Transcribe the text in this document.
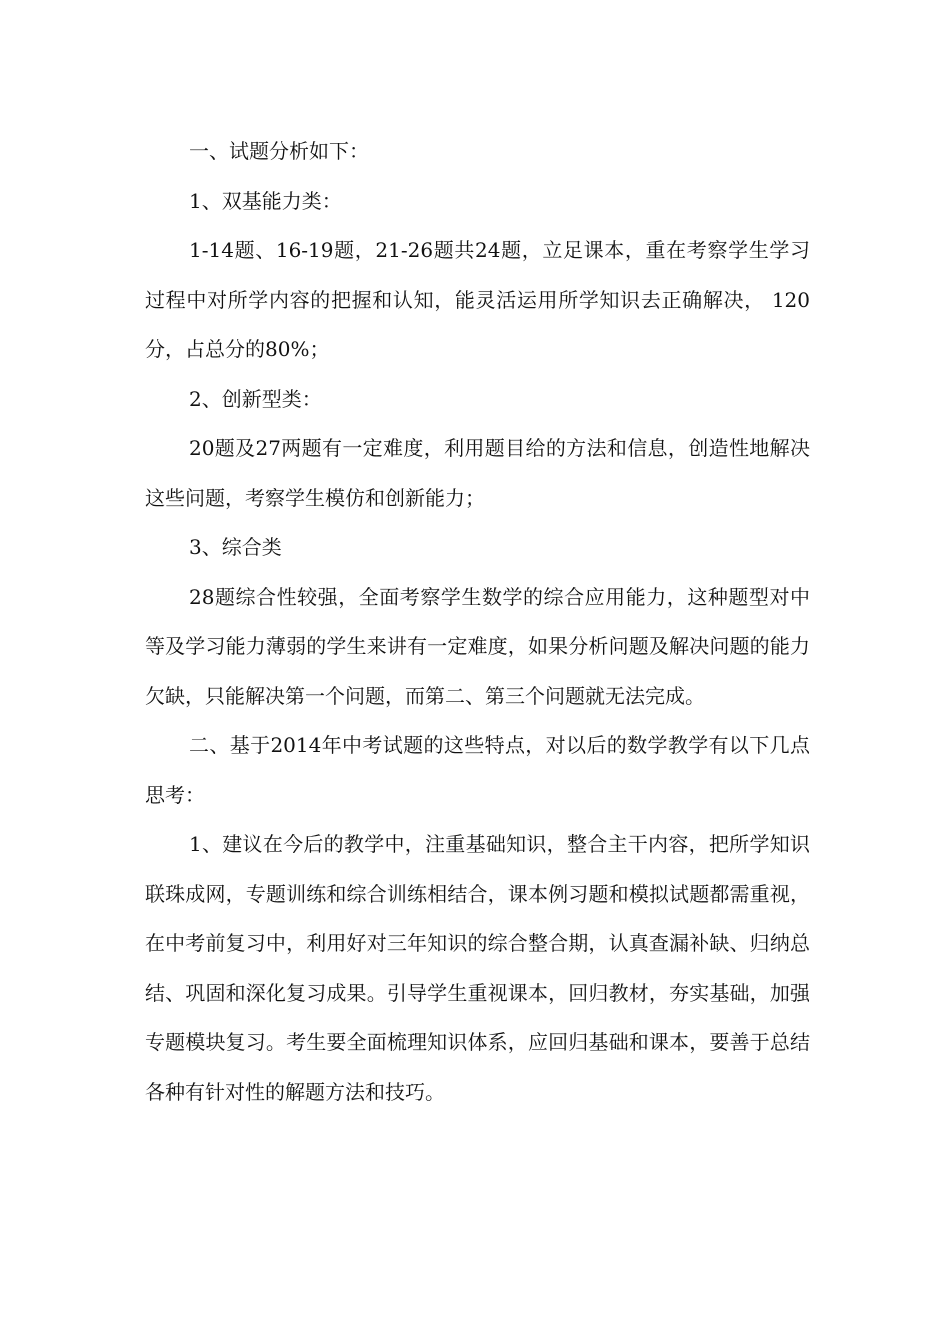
一、试题分析如下：

1、双基能力类：

1-14题、16-19题，21-26题共24题，立足课本，重在考察学生学习过程中对所学内容的把握和认知，能灵活运用所学知识去正确解决， 120分，占总分的80%；

2、创新型类：

20题及27两题有一定难度，利用题目给的方法和信息，创造性地解决这些问题，考察学生模仿和创新能力；

3、综合类

28题综合性较强，全面考察学生数学的综合应用能力，这种题型对中等及学习能力薄弱的学生来讲有一定难度，如果分析问题及解决问题的能力欠缺，只能解决第一个问题，而第二、第三个问题就无法完成。

二、基于2014年中考试题的这些特点，对以后的数学教学有以下几点思考：

1、建议在今后的教学中，注重基础知识，整合主干内容，把所学知识联珠成网，专题训练和综合训练相结合，课本例习题和模拟试题都需重视，在中考前复习中，利用好对三年知识的综合整合期，认真查漏补缺、归纳总结、巩固和深化复习成果。引导学生重视课本，回归教材，夯实基础，加强专题模块复习。考生要全面梳理知识体系，应回归基础和课本，要善于总结各种有针对性的解题方法和技巧。
